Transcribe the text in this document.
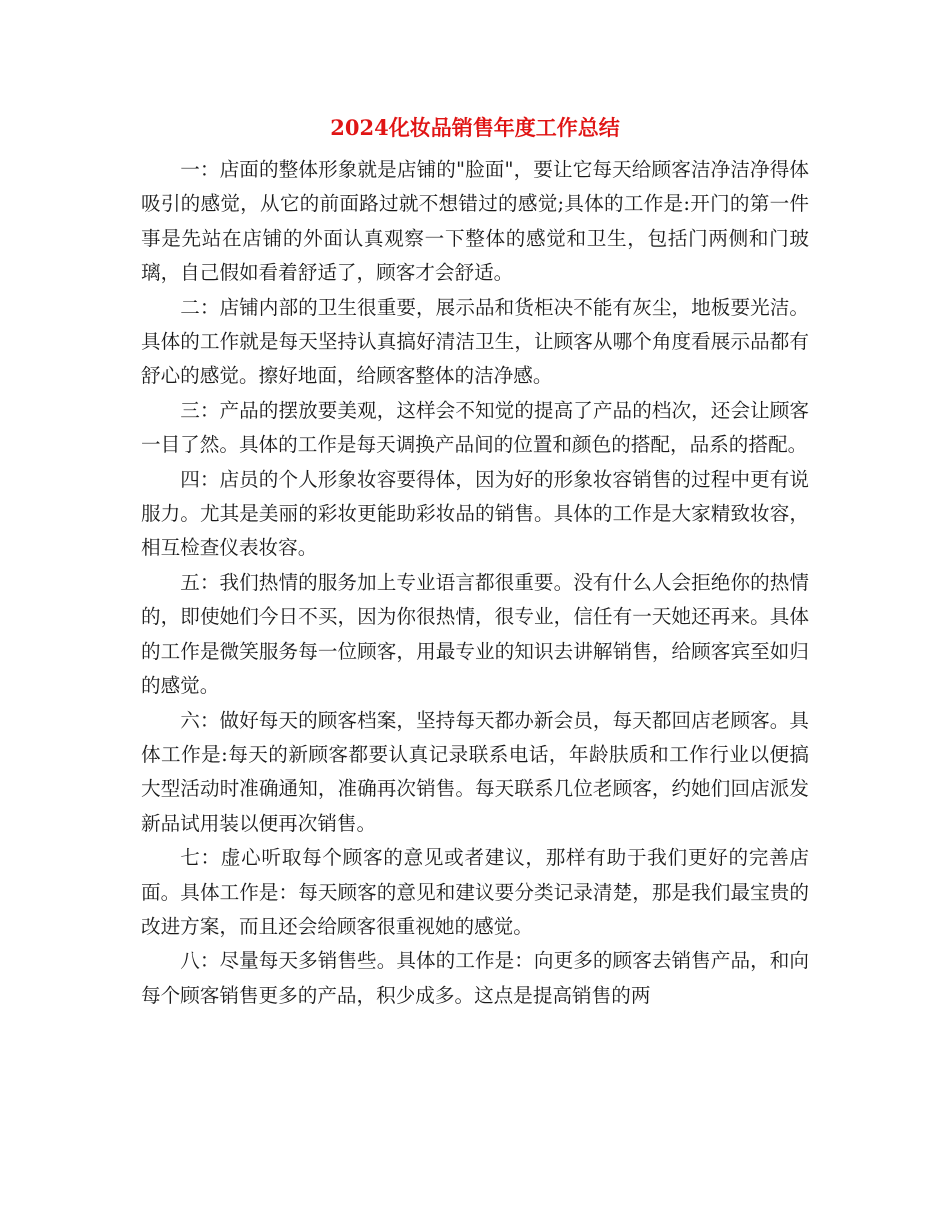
2024化妆品销售年度工作总结

一：店面的整体形象就是店铺的"脸面"，要让它每天给顾客洁净洁净得体吸引的感觉，从它的前面路过就不想错过的感觉;具体的工作是:开门的第一件事是先站在店铺的外面认真观察一下整体的感觉和卫生，包括门两侧和门玻璃，自己假如看着舒适了，顾客才会舒适。

二：店铺内部的卫生很重要，展示品和货柜决不能有灰尘，地板要光洁。具体的工作就是每天坚持认真搞好清洁卫生，让顾客从哪个角度看展示品都有舒心的感觉。擦好地面，给顾客整体的洁净感。

三：产品的摆放要美观，这样会不知觉的提高了产品的档次，还会让顾客一目了然。具体的工作是每天调换产品间的位置和颜色的搭配，品系的搭配。

四：店员的个人形象妆容要得体，因为好的形象妆容销售的过程中更有说服力。尤其是美丽的彩妆更能助彩妆品的销售。具体的工作是大家精致妆容，相互检查仪表妆容。

五：我们热情的服务加上专业语言都很重要。没有什么人会拒绝你的热情的，即使她们今日不买，因为你很热情，很专业，信任有一天她还再来。具体的工作是微笑服务每一位顾客，用最专业的知识去讲解销售，给顾客宾至如归的感觉。

六：做好每天的顾客档案，坚持每天都办新会员，每天都回店老顾客。具体工作是:每天的新顾客都要认真记录联系电话，年龄肤质和工作行业以便搞大型活动时准确通知，准确再次销售。每天联系几位老顾客，约她们回店派发新品试用装以便再次销售。

七：虚心听取每个顾客的意见或者建议，那样有助于我们更好的完善店面。具体工作是：每天顾客的意见和建议要分类记录清楚，那是我们最宝贵的改进方案，而且还会给顾客很重视她的感觉。

八：尽量每天多销售些。具体的工作是：向更多的顾客去销售产品，和向每个顾客销售更多的产品，积少成多。这点是提高销售的两
